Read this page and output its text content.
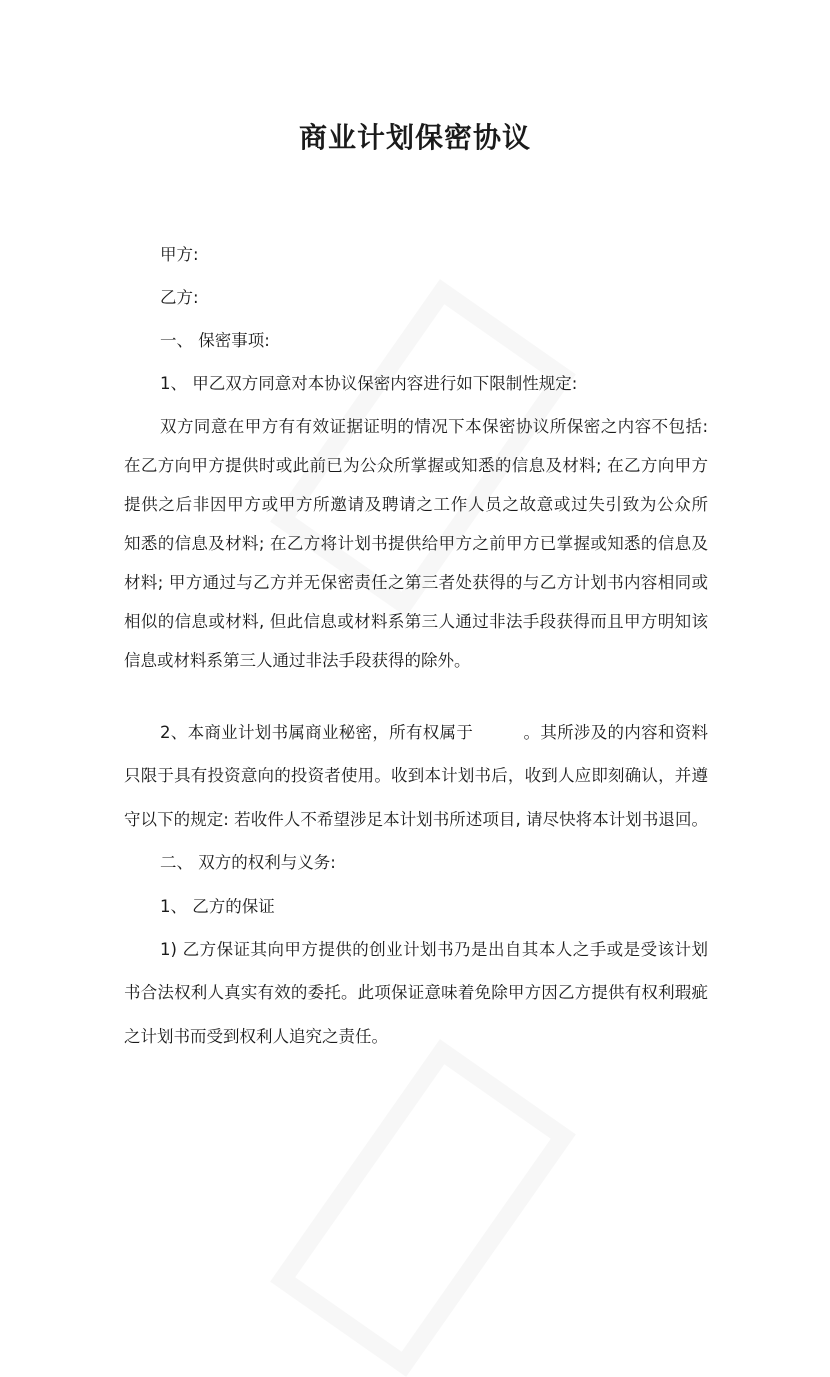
商业计划保密协议
甲方:
乙方:
一、 保密事项:
1、 甲乙双方同意对本协议保密内容进行如下限制性规定:
双方同意在甲方有有效证据证明的情况下本保密协议所保密之内容不包括:
在乙方向甲方提供时或此前已为公众所掌握或知悉的信息及材料; 在乙方向甲方
提供之后非因甲方或甲方所邀请及聘请之工作人员之故意或过失引致为公众所
知悉的信息及材料; 在乙方将计划书提供给甲方之前甲方已掌握或知悉的信息及
材料; 甲方通过与乙方并无保密责任之第三者处获得的与乙方计划书内容相同或
相似的信息或材料, 但此信息或材料系第三人通过非法手段获得而且甲方明知该
信息或材料系第三人通过非法手段获得的除外。
2、本商业计划书属商业秘密，所有权属于　　　。其所涉及的内容和资料
只限于具有投资意向的投资者使用。收到本计划书后，收到人应即刻确认，并遵
守以下的规定: 若收件人不希望涉足本计划书所述项目, 请尽快将本计划书退回。
二、 双方的权利与义务:
1、 乙方的保证
1) 乙方保证其向甲方提供的创业计划书乃是出自其本人之手或是受该计划
书合法权利人真实有效的委托。此项保证意味着免除甲方因乙方提供有权利瑕疵
之计划书而受到权利人追究之责任。
